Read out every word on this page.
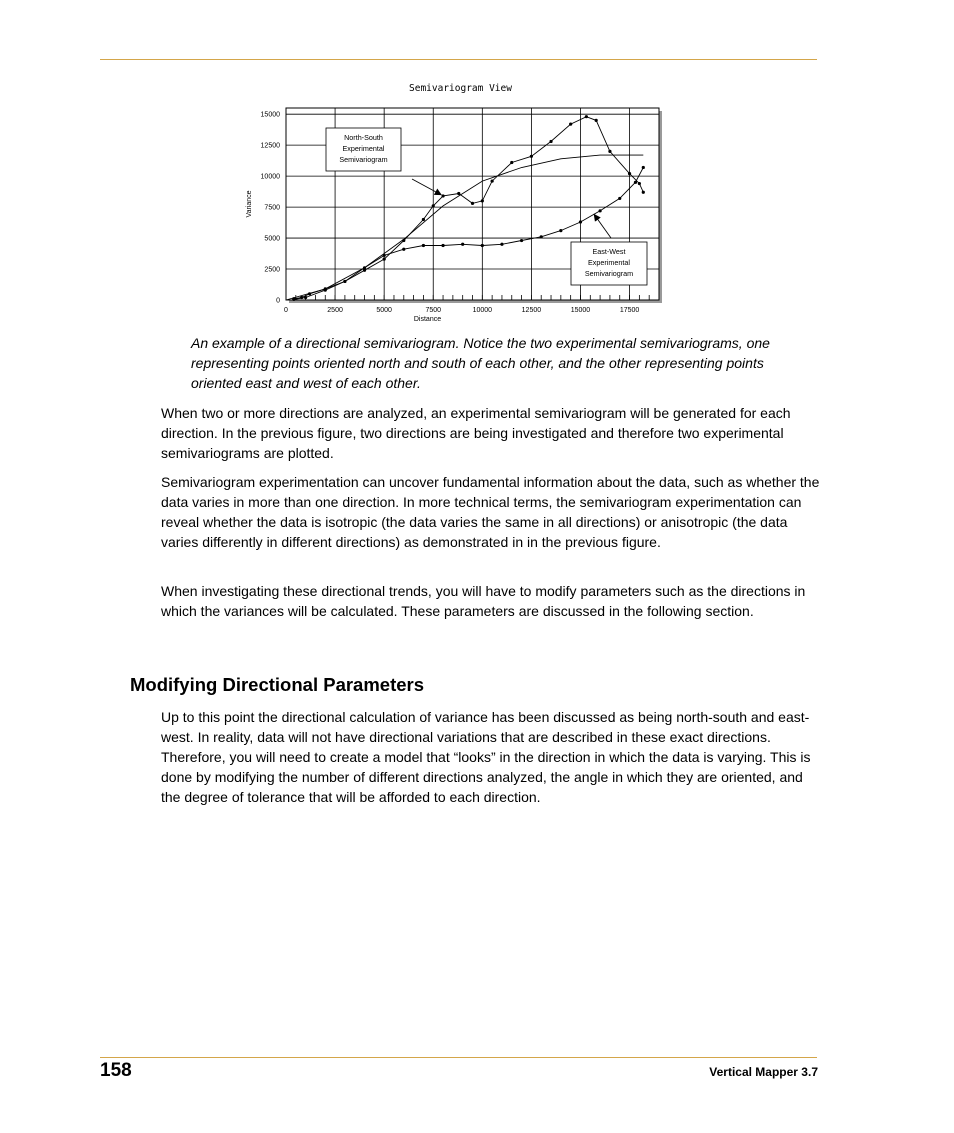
0	2500	5000	7500	10000	12500	15000	17500
0
2500
5000
7500
10000
12500
15000
Semivariogram View
Distance
Variance
North-South
Experimental
Semivariogram
East-West
Experimental
Semivariogram
An example of a directional semivariogram. Notice the two experimental semivariograms, one representing points oriented north and south of each other, and the other representing points oriented east and west of each other.
When two or more directions are analyzed, an experimental semivariogram will be generated for each direction. In the previous figure, two directions are being investigated and therefore two experimental semivariograms are plotted.
Semivariogram experimentation can uncover fundamental information about the data, such as whether the data varies in more than one direction. In more technical terms, the semivariogram experimentation can reveal whether the data is isotropic (the data varies the same in all directions) or anisotropic (the data varies differently in different directions) as demonstrated in in the previous figure.
When investigating these directional trends, you will have to modify parameters such as the directions in which the variances will be calculated. These parameters are discussed in the following section.
Modifying Directional Parameters
Up to this point the directional calculation of variance has been discussed as being north-south and east-west. In reality, data will not have directional variations that are described in these exact directions. Therefore, you will need to create a model that “looks” in the direction in which the data is varying. This is done by modifying the number of different directions analyzed, the angle in which they are oriented, and the degree of tolerance that will be afforded to each direction.
158	Vertical Mapper 3.7
